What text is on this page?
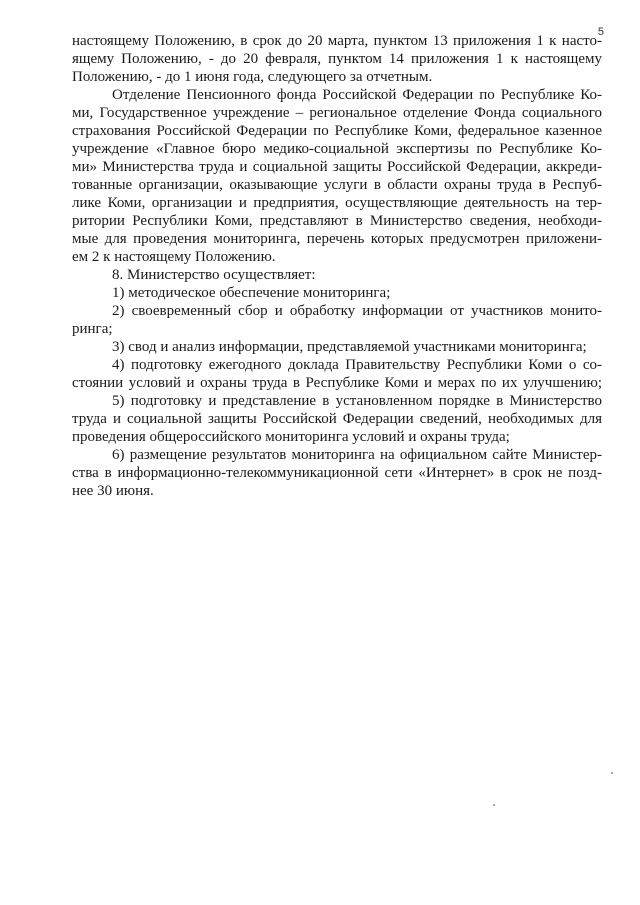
5
настоящему Положению, в срок до 20 марта, пунктом 13 приложения 1 к насто-
ящему Положению, - до 20 февраля, пунктом 14 приложения 1 к настоящему
Положению, - до 1 июня года, следующего за отчетным.
Отделение Пенсионного фонда Российской Федерации по Республике Ко-
ми, Государственное учреждение – региональное отделение Фонда социального
страхования Российской Федерации по Республике Коми, федеральное казенное
учреждение «Главное бюро медико-социальной экспертизы по Республике Ко-
ми» Министерства труда и социальной защиты Российской Федерации, аккреди-
тованные организации, оказывающие услуги в области охраны труда в Респуб-
лике Коми, организации и предприятия, осуществляющие деятельность на тер-
ритории Республики Коми, представляют в Министерство сведения, необходи-
мые для проведения мониторинга, перечень которых предусмотрен приложени-
ем 2 к настоящему Положению.
8. Министерство осуществляет:
1) методическое обеспечение мониторинга;
2) своевременный сбор и обработку информации от участников монито-
ринга;
3) свод и анализ информации, представляемой участниками мониторинга;
4) подготовку ежегодного доклада Правительству Республики Коми о со-
стоянии условий и охраны труда в Республике Коми и мерах по их улучшению;
5) подготовку и представление в установленном порядке в Министерство
труда и социальной защиты Российской Федерации сведений, необходимых для
проведения общероссийского мониторинга условий и охраны труда;
6) размещение результатов мониторинга на официальном сайте Министер-
ства в информационно-телекоммуникационной сети «Интернет» в срок не позд-
нее 30 июня.
